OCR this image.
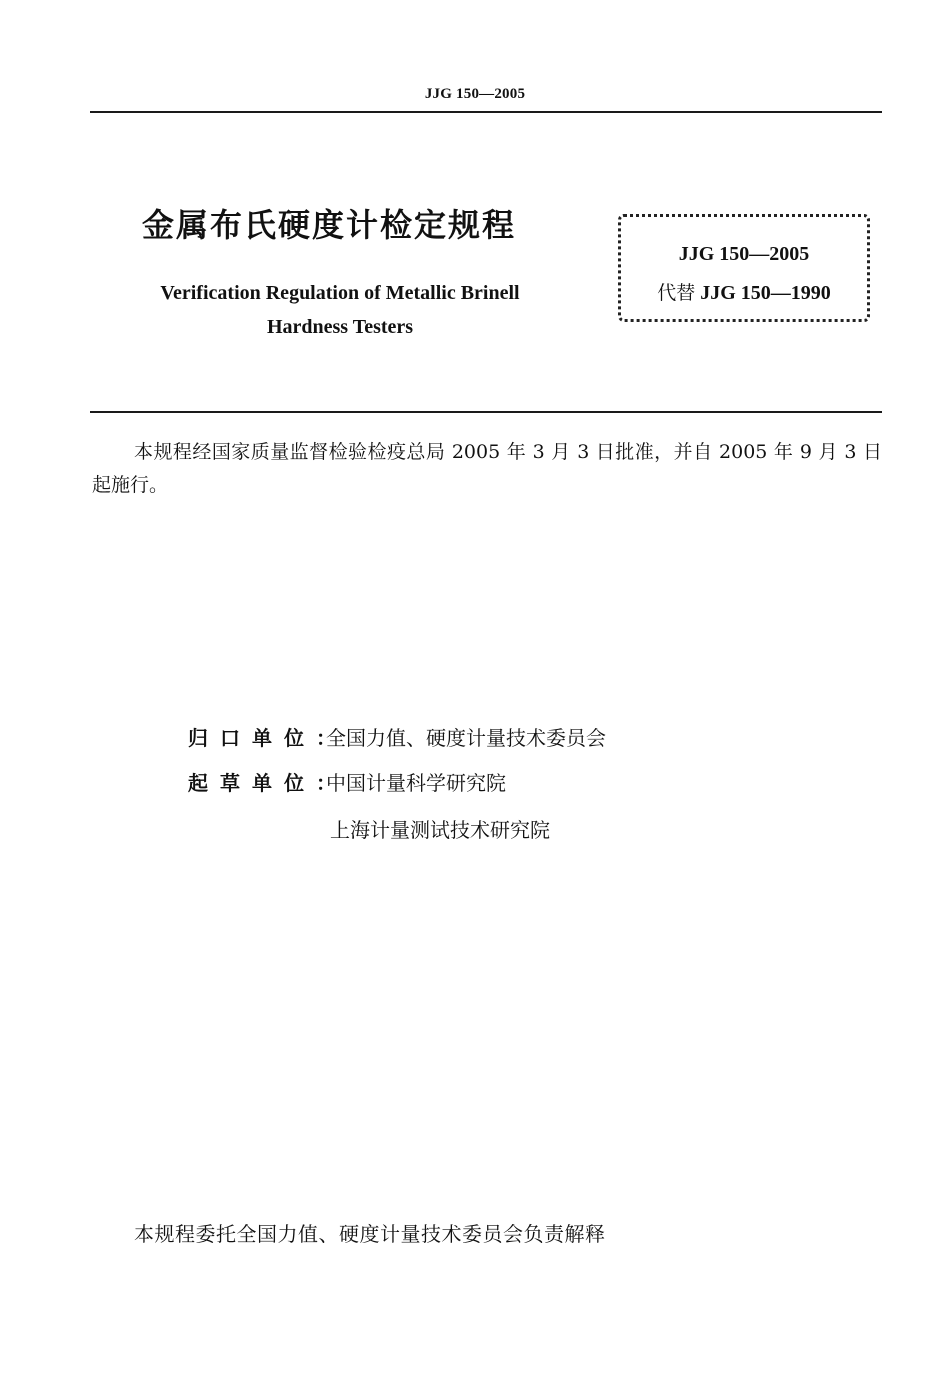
JJG 150—2005
金属布氏硬度计检定规程
Verification Regulation of Metallic Brinell
Hardness Testers
JJG 150—2005
代替 JJG 150—1990
本规程经国家质量监督检验检疫总局 2005 年 3 月 3 日批准，并自 2005 年 9 月 3 日起施行。
归口单位：全国力值、硬度计量技术委员会
起草单位：中国计量科学研究院
上海计量测试技术研究院
本规程委托全国力值、硬度计量技术委员会负责解释
